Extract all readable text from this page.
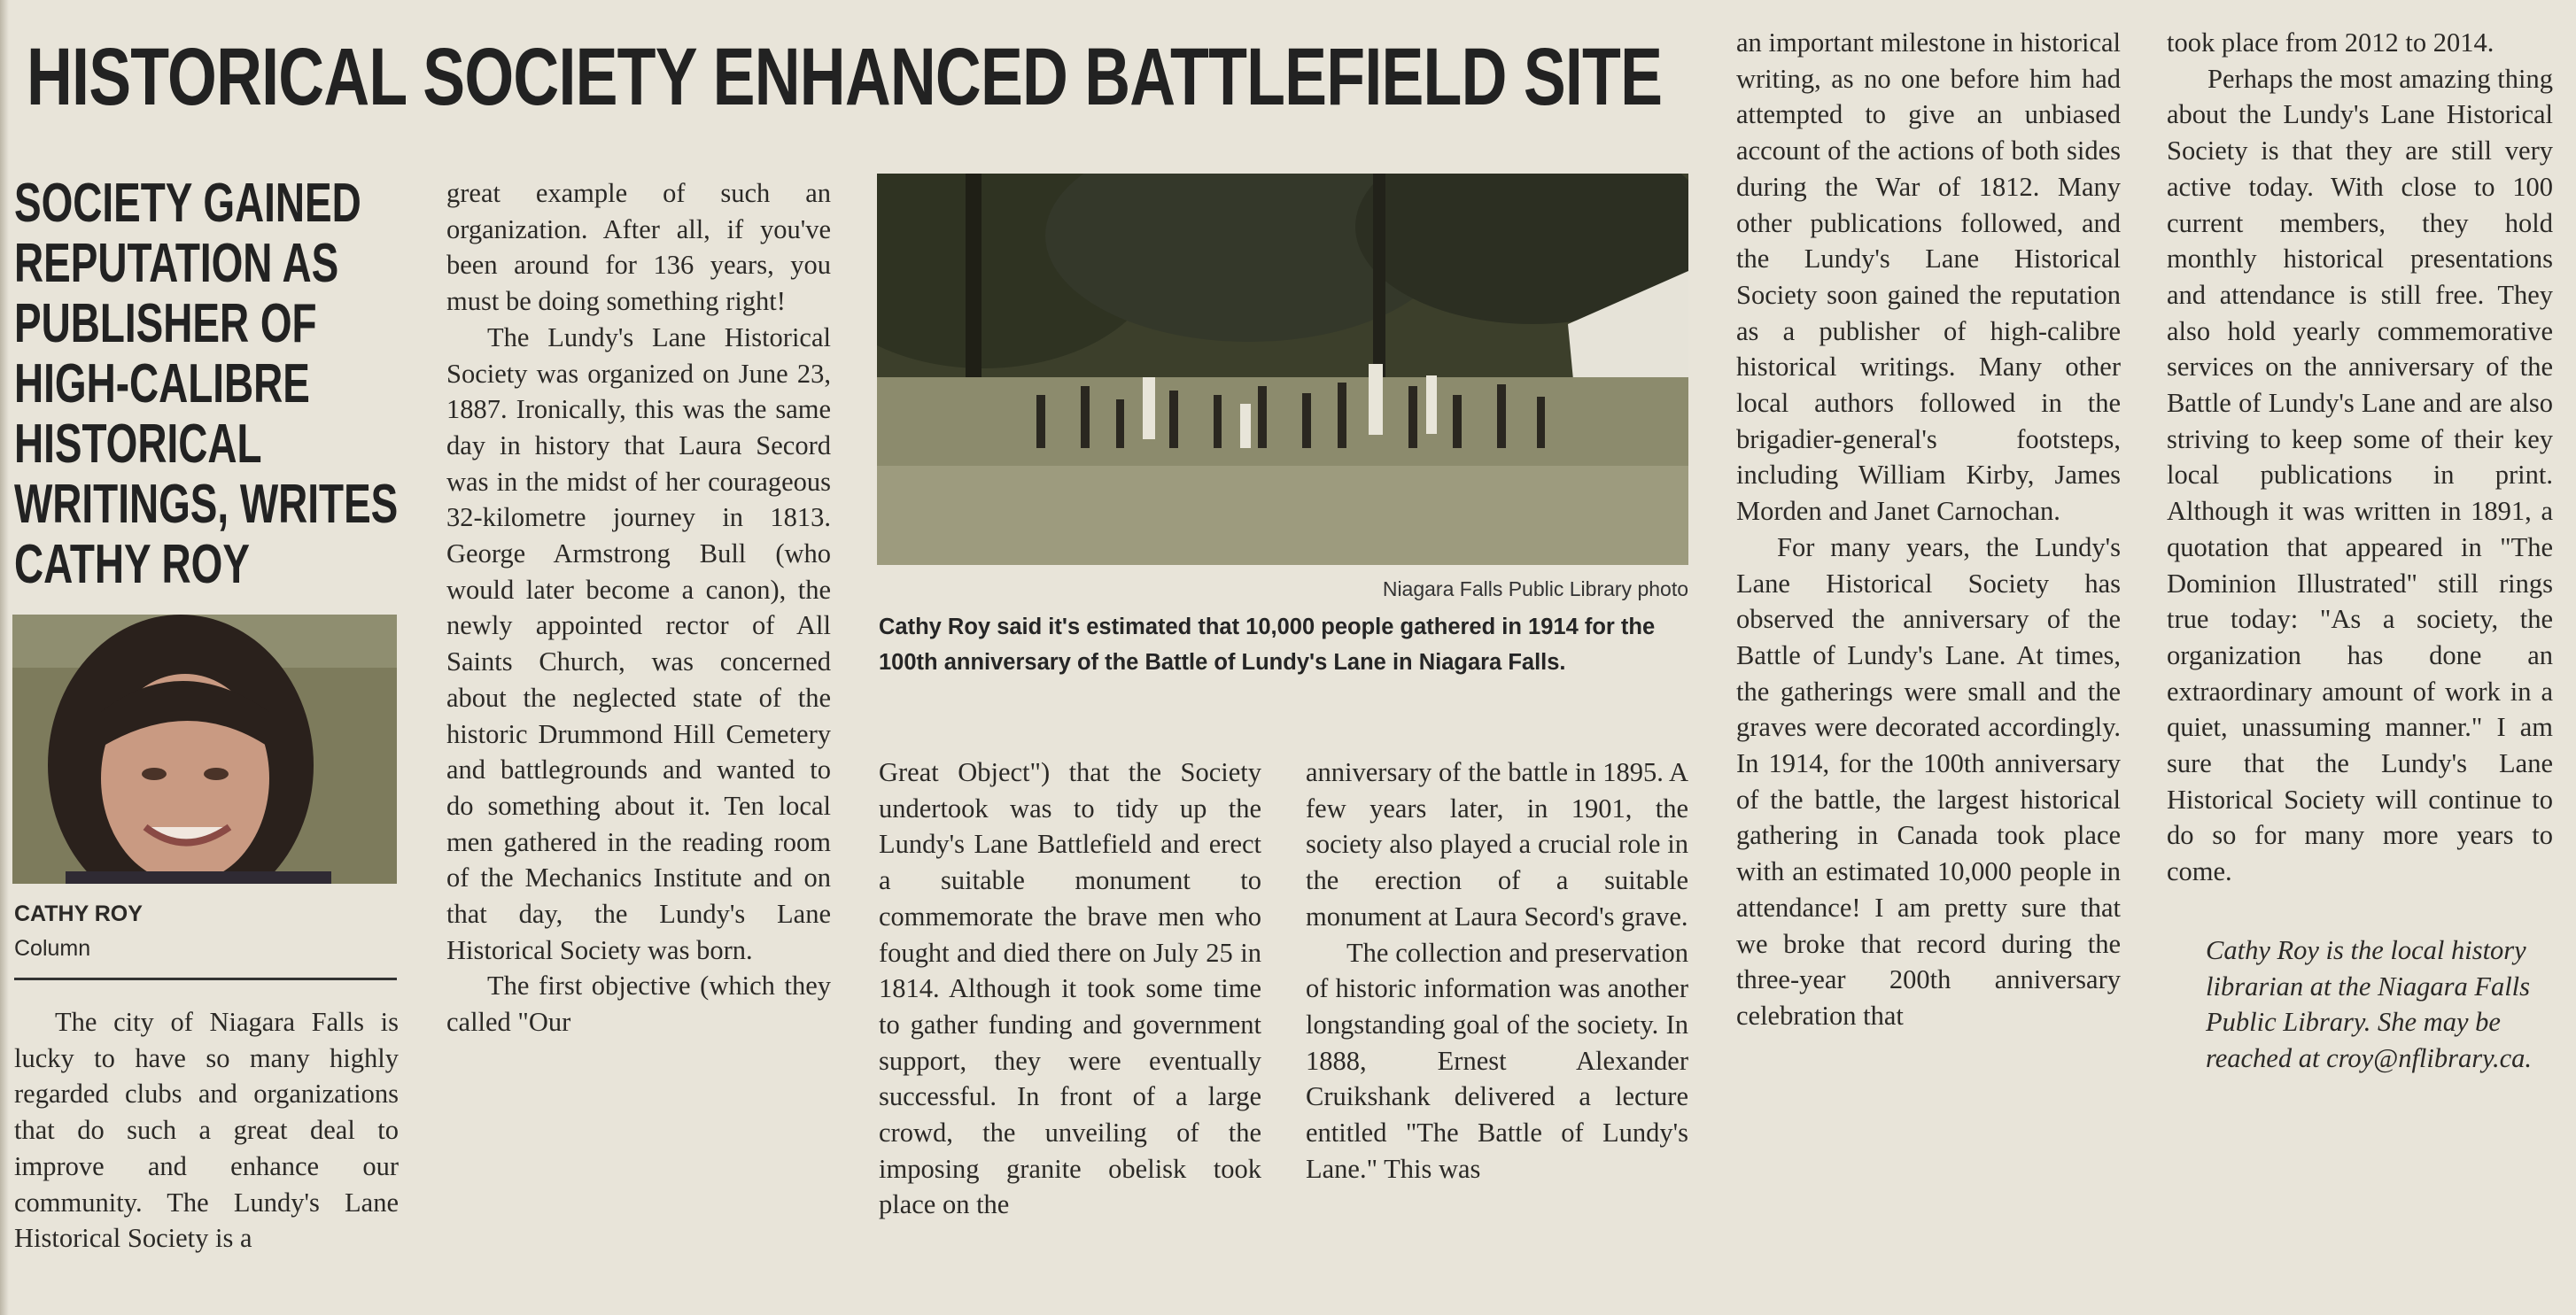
HISTORICAL SOCIETY ENHANCED BATTLEFIELD SITE
SOCIETY GAINED
REPUTATION AS
PUBLISHER OF
HIGH-CALIBRE
HISTORICAL
WRITINGS, WRITES
CATHY ROY
CATHY ROY
Column

The city of Niagara Falls is lucky to have so many highly regarded clubs and organizations that do such a great deal to improve and enhance our community. The Lundy's Lane Historical Society is a

great example of such an organization. After all, if you've been around for 136 years, you must be doing something right!

The Lundy's Lane Historical Society was organized on June 23, 1887. Ironically, this was the same day in history that Laura Secord was in the midst of her courageous 32-kilometre journey in 1813. George Armstrong Bull (who would later become a canon), the newly appointed rector of All Saints Church, was concerned about the neglected state of the historic Drummond Hill Cemetery and battlegrounds and wanted to do something about it. Ten local men gathered in the reading room of the Mechanics Institute and on that day, the Lundy's Lane Historical Society was born.

The first objective (which they called "Our

Niagara Falls Public Library photo
Cathy Roy said it's estimated that 10,000 people gathered in 1914 for the 100th anniversary of the Battle of Lundy's Lane in Niagara Falls.

Great Object") that the Society undertook was to tidy up the Lundy's Lane Battlefield and erect a suitable monument to commemorate the brave men who fought and died there on July 25 in 1814. Although it took some time to gather funding and government support, they were eventually successful. In front of a large crowd, the unveiling of the imposing granite obelisk took place on the

anniversary of the battle in 1895. A few years later, in 1901, the society also played a crucial role in the erection of a suitable monument at Laura Secord's grave.

The collection and preservation of historic information was another longstanding goal of the society. In 1888, Ernest Alexander Cruikshank delivered a lecture entitled "The Battle of Lundy's Lane." This was

an important milestone in historical writing, as no one before him had attempted to give an unbiased account of the actions of both sides during the War of 1812. Many other publications followed, and the Lundy's Lane Historical Society soon gained the reputation as a publisher of high-calibre historical writings. Many other local authors followed in the brigadier-general's footsteps, including William Kirby, James Morden and Janet Carnochan.

For many years, the Lundy's Lane Historical Society has observed the anniversary of the Battle of Lundy's Lane. At times, the gatherings were small and the graves were decorated accordingly. In 1914, for the 100th anniversary of the battle, the largest historical gathering in Canada took place with an estimated 10,000 people in attendance! I am pretty sure that we broke that record during the three-year 200th anniversary celebration that

took place from 2012 to 2014.

Perhaps the most amazing thing about the Lundy's Lane Historical Society is that they are still very active today. With close to 100 current members, they hold monthly historical presentations and attendance is still free. They also hold yearly commemorative services on the anniversary of the Battle of Lundy's Lane and are also striving to keep some of their key local publications in print. Although it was written in 1891, a quotation that appeared in "The Dominion Illustrated" still rings true today: "As a society, the organization has done an extraordinary amount of work in a quiet, unassuming manner." I am sure that the Lundy's Lane Historical Society will continue to do so for many more years to come.

Cathy Roy is the local history librarian at the Niagara Falls Public Library. She may be reached at croy@nflibrary.ca.
